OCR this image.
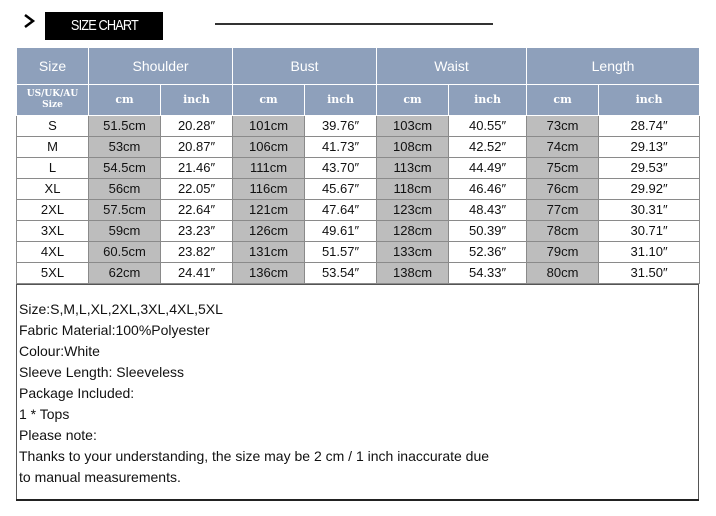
SIZE CHART
Size	Shoulder		Bust		Waist		Length	
US/UK/AU Size	cm	inch	cm	inch	cm	inch	cm	inch
S	51.5cm	20.28″	101cm	39.76″	103cm	40.55″	73cm	28.74″
M	53cm	20.87″	106cm	41.73″	108cm	42.52″	74cm	29.13″
L	54.5cm	21.46″	111cm	43.70″	113cm	44.49″	75cm	29.53″
XL	56cm	22.05″	116cm	45.67″	118cm	46.46″	76cm	29.92″
2XL	57.5cm	22.64″	121cm	47.64″	123cm	48.43″	77cm	30.31″
3XL	59cm	23.23″	126cm	49.61″	128cm	50.39″	78cm	30.71″
4XL	60.5cm	23.82″	131cm	51.57″	133cm	52.36″	79cm	31.10″
5XL	62cm	24.41″	136cm	53.54″	138cm	54.33″	80cm	31.50″
Size:S,M,L,XL,2XL,3XL,4XL,5XL
Fabric Material:100%Polyester
Colour:White
Sleeve Length: Sleeveless
Package Included:
1 * Tops
Please note:
Thanks to your understanding, the size may be 2 cm / 1 inch inaccurate due
to manual measurements.
